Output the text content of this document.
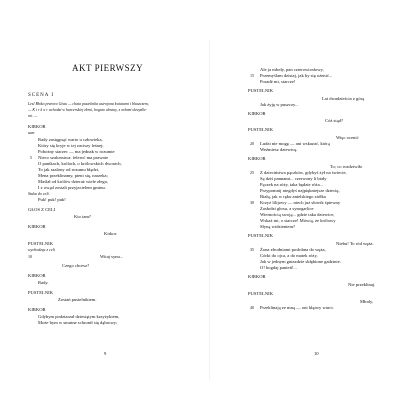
AKT PIERWSZY
SCENA I
Lesl Błoko przeora Gistu — chata pustelnika ustrojona kwiatami i bluszczem,
— K i r k o r wchodzi w harcerskiej zbroi, bogato ubrany, z orłami skrzydla-
mi. —
KIRKOR
sam
Rady zasięgnąć warto u człowieka,
Który się kryje w tej zaciszy leśnej;
Pobożny starzec — ma jednak w rozumie
Nieco szalonstwa: feleroć ma prawnie
O panikach, królach, o królowskich dworach,
To jak szalony od rozumu błądzi,
Mena przeklinamy, pieni się, narzeka;
Maślał od królów dzieraż wiele złego,
I z owąd zostali przyjacielem gminu.
Stuka do celi.
Puk! puk! puk!
GŁOS Z CELI
Kto tam?
KIRKOR
Kirkor.
PUSTELNIK
wychodząc z celi
Witaj synu...
Czego chcesz?
KIRKOR
Rady.
PUSTELNIK
Zostań pustelnikiem.
KIRKOR
Gdybym podziarzał dziesiątym krzyżykiem,
Może bym w smutne schronił się dąbrowy;
5
10
9
Ale ja młody, pan czterowiosłowy,
Przemyślam dzisiaj, jak by się ożenić...
Poradź mi, starcze!
PUSTELNIK
Lat dwadzieścia z górą
Jak żyję w puszczy...
KIRKOR
Cóż stąd?
PUSTELNIK
Więc ocenić
Ludzi nie mogę — ani wskazać, którą
Weźmiesz dziewicę.
KIRKOR
To; co rozdziwiło
Z dzieciństwa pączków, gdybyś żył na świecie,
Są dziś pannami... czerwony li biały
Pączek na róży, taka będzie róża...
Przypomnij niegdyś najpiękniejsze dziecię,
Białą, jak w ręku anielskiego ziółka
Krzyż lilijowy — niech już słowik śpiewny
Zasłodzi głosu, a synogarlice
Wiernością swoją... gdzie taka dziewice,
Wskaż mi, o starcze! Mówią, że królowy
Słyną widzieniem?
PUSTELNIK
Niebu! To ród węża.
Żona złrodniami posłobna do węża,
Córki do ojca, a do matek róży,
Jak w jednym gniazdzie skłębione gadzinie.
O! bogdaj panień!...
KIRKOR
Nie przeklinaj.
PUSTELNIK
Młody,
Przeklinają ze mną — oni kłątwy warci.
15
20
25
30
35
40
10
